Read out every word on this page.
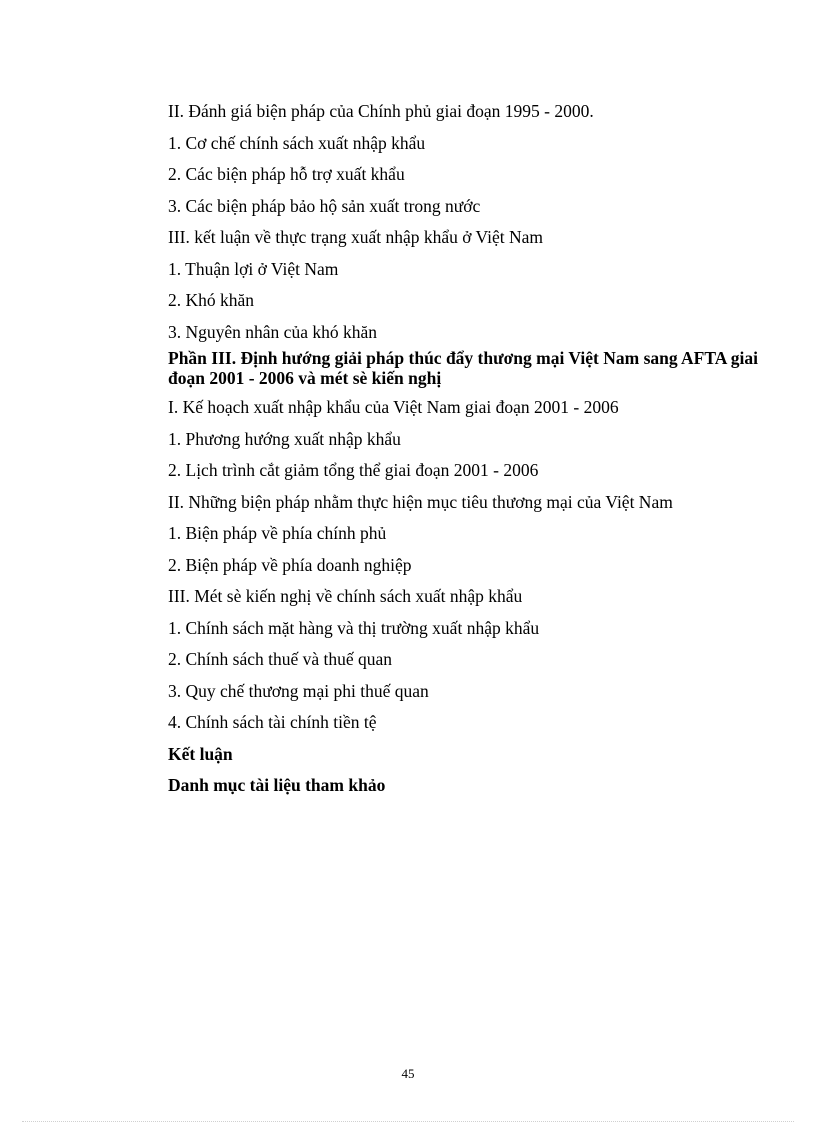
II. Đánh giá biện pháp của Chính phủ giai đoạn 1995 - 2000.
1. Cơ chế chính sách xuất nhập khẩu
2. Các biện pháp hỗ trợ xuất khẩu
3. Các biện pháp bảo hộ sản xuất trong nước
III. kết luận về thực trạng xuất nhập khẩu ở Việt Nam
1. Thuận lợi ở Việt Nam
2. Khó khăn
3. Nguyên nhân của khó khăn
Phần III. Định hướng giải pháp thúc đẩy thương mại Việt Nam sang AFTA giai đoạn 2001 - 2006 và mét sè kiến nghị
I. Kế hoạch xuất nhập khẩu của Việt Nam giai đoạn 2001 - 2006
1. Phương hướng xuất nhập khẩu
2. Lịch trình cắt giảm tổng thể giai đoạn 2001 - 2006
II. Những biện pháp nhằm thực hiện mục tiêu thương mại của Việt Nam
1. Biện pháp về phía chính phủ
2. Biện pháp về phía doanh nghiệp
III. Mét sè kiến nghị về chính sách xuất nhập khẩu
1. Chính sách mặt hàng và thị trường xuất nhập khẩu
2. Chính sách thuế và thuế quan
3. Quy chế thương mại phi thuế quan
4. Chính sách tài chính tiền tệ
Kết luận
Danh mục tài liệu tham khảo
45
